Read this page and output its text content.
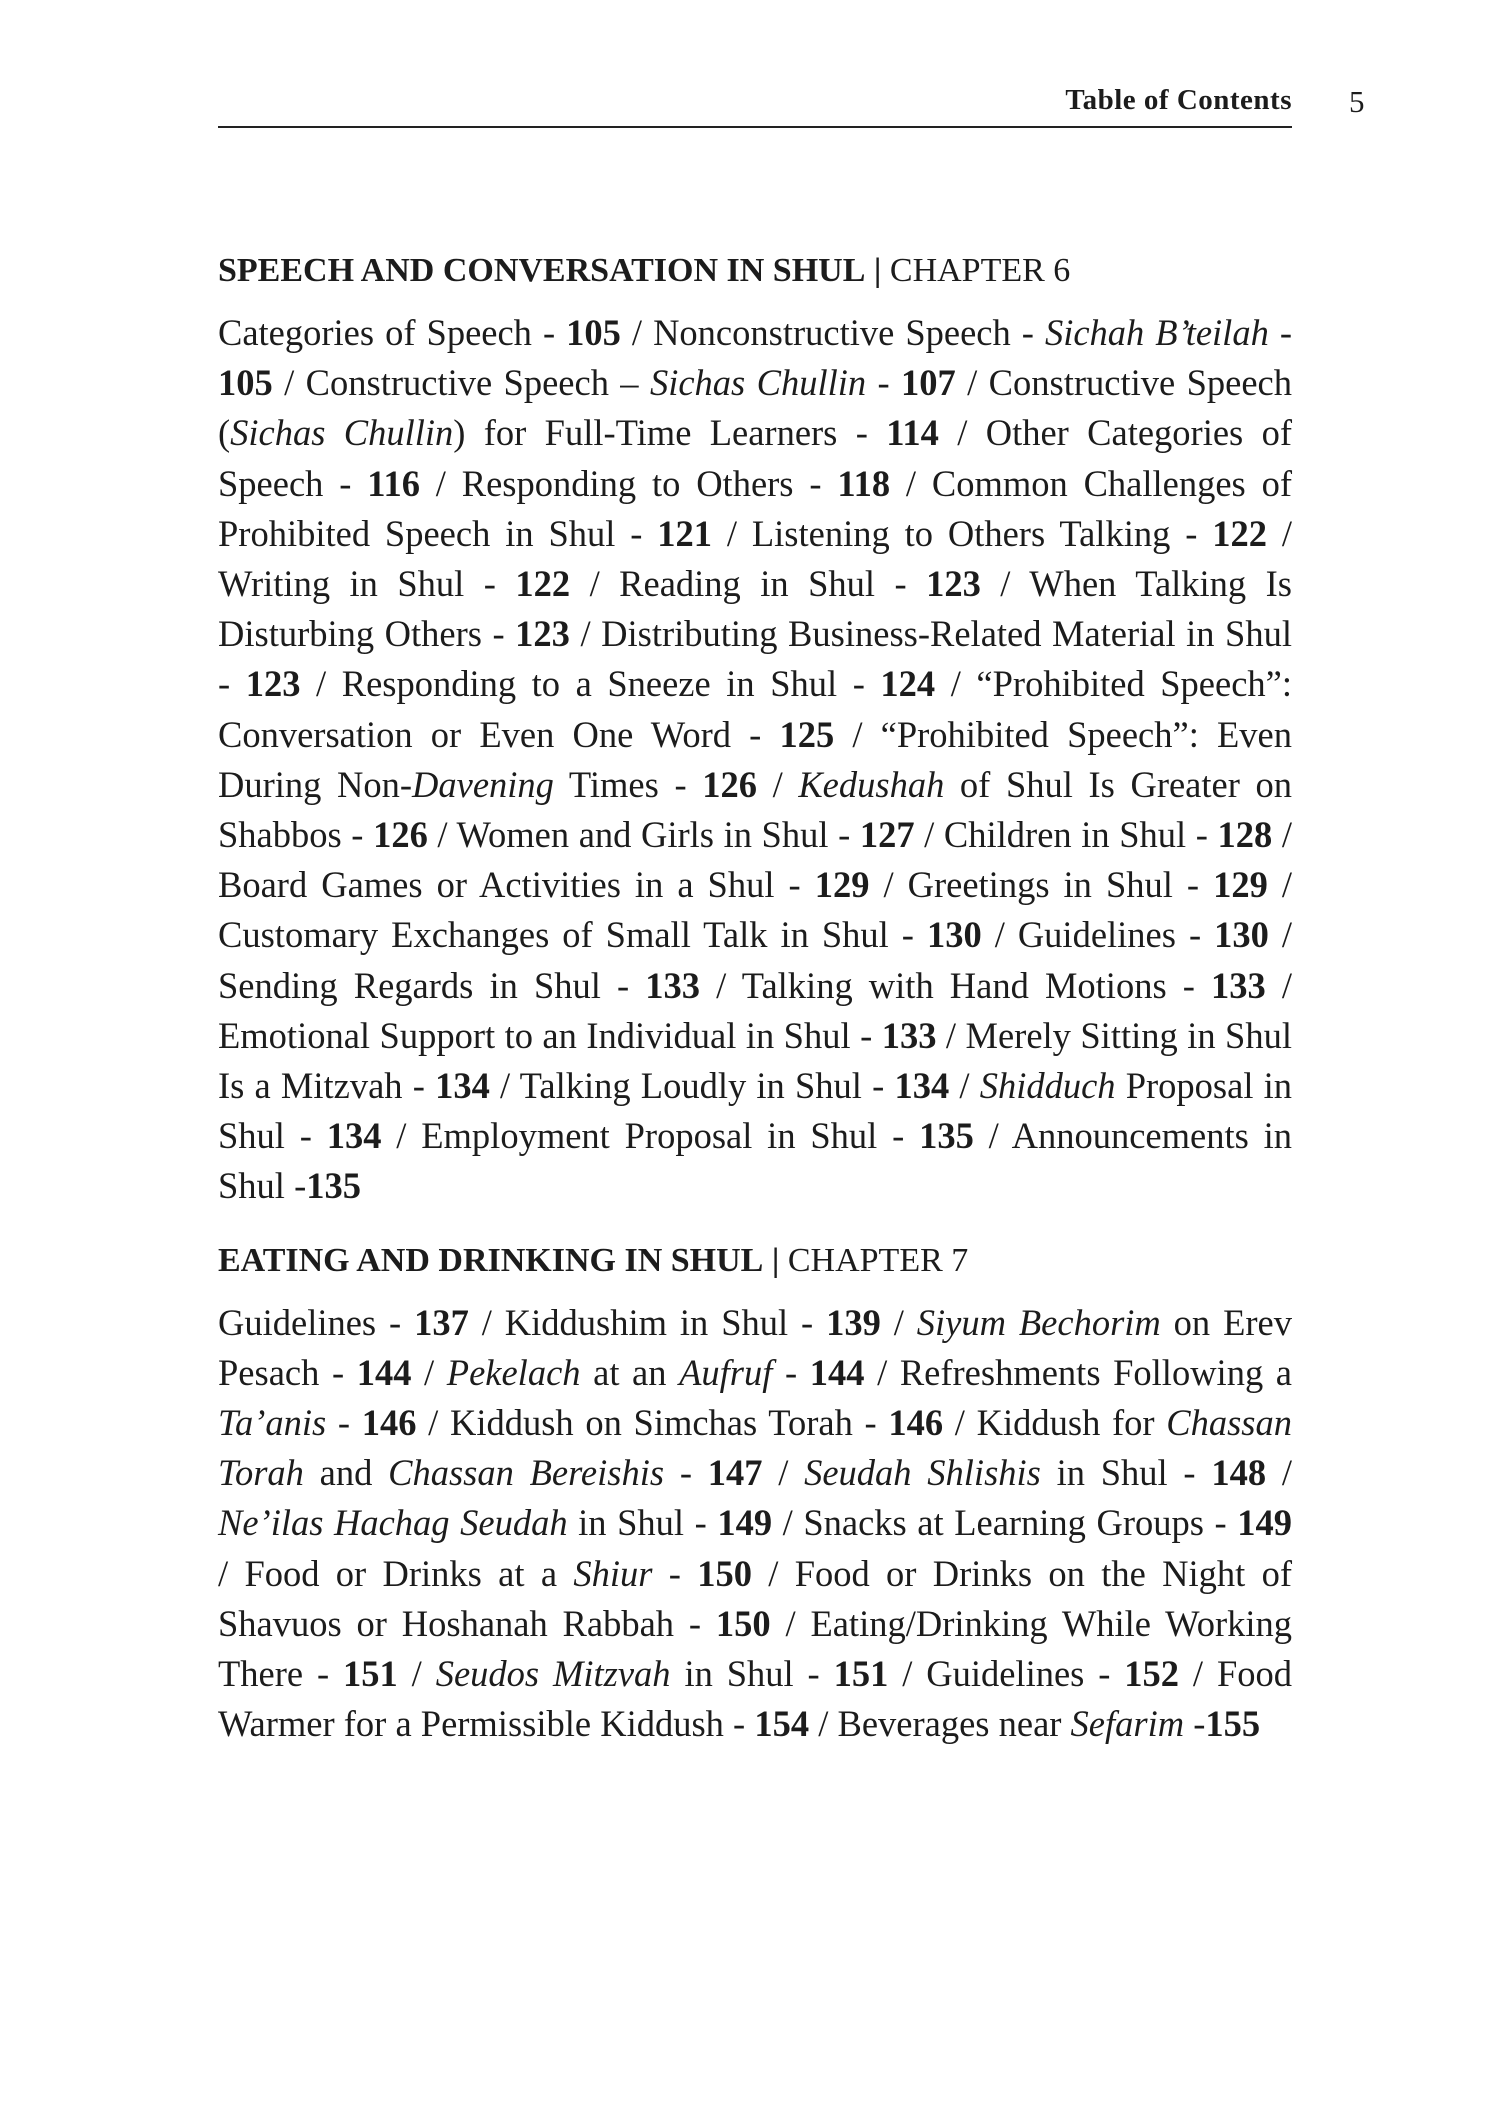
Table of Contents 5
SPEECH AND CONVERSATION IN SHUL | CHAPTER 6

Categories of Speech - 105 / Nonconstructive Speech - Sichah B’teilah - 105 / Constructive Speech – Sichas Chullin - 107 / Constructive Speech (Sichas Chullin) for Full-Time Learners - 114 / Other Categories of Speech - 116 / Responding to Others - 118 / Common Challenges of Prohibited Speech in Shul - 121 / Listening to Others Talking - 122 / Writing in Shul - 122 / Reading in Shul - 123 / When Talking Is Disturbing Others - 123 / Distributing Business-Related Material in Shul - 123 / Responding to a Sneeze in Shul - 124 / “Prohibited Speech”: Conversation or Even One Word - 125 / “Prohibited Speech”: Even During Non-Davening Times - 126 / Kedushah of Shul Is Greater on Shabbos - 126 / Women and Girls in Shul - 127 / Children in Shul - 128 / Board Games or Activities in a Shul - 129 / Greetings in Shul - 129 / Customary Exchanges of Small Talk in Shul - 130 / Guidelines - 130 / Sending Regards in Shul - 133 / Talking with Hand Motions - 133 / Emotional Support to an Individual in Shul - 133 / Merely Sitting in Shul Is a Mitzvah - 134 / Talking Loudly in Shul - 134 / Shidduch Proposal in Shul - 134 / Employment Proposal in Shul - 135 / Announcements in Shul -135

EATING AND DRINKING IN SHUL | CHAPTER 7

Guidelines - 137 / Kiddushim in Shul - 139 / Siyum Bechorim on Erev Pesach - 144 / Pekelach at an Aufruf - 144 / Refreshments Following a Ta’anis - 146 / Kiddush on Simchas Torah - 146 / Kiddush for Chassan Torah and Chassan Bereishis - 147 / Seudah Shlishis in Shul - 148 / Ne’ilas Hachag Seudah in Shul - 149 / Snacks at Learning Groups - 149 / Food or Drinks at a Shiur - 150 / Food or Drinks on the Night of Shavuos or Hoshanah Rabbah - 150 / Eating/Drinking While Working There - 151 / Seudos Mitzvah in Shul - 151 / Guidelines - 152 / Food Warmer for a Permissible Kiddush - 154 / Beverages near Sefarim -155
